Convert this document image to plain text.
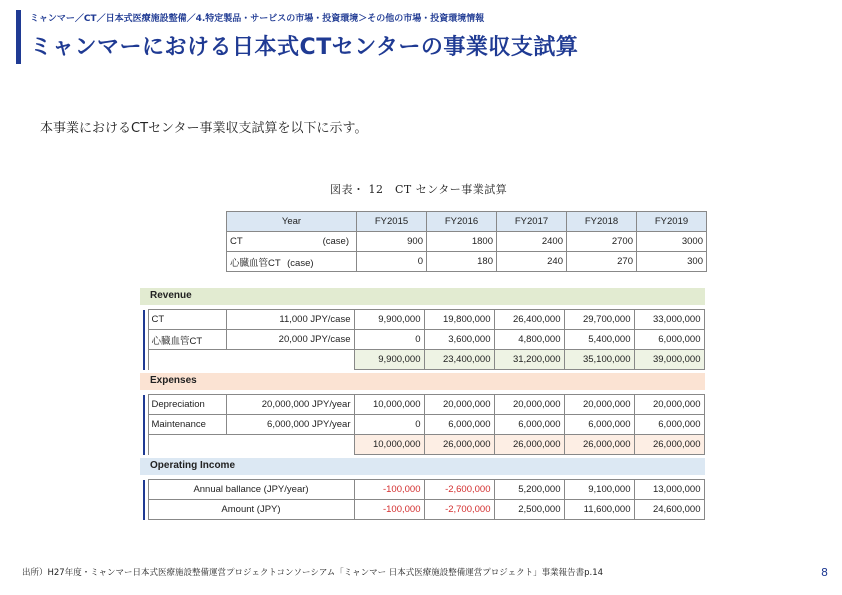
ミャンマー／CT／日本式医療施設整備／4.特定製品・サービスの市場・投資環境＞その他の市場・投資環境情報
ミャンマーにおける日本式CTセンターの事業収支試算
本事業におけるCTセンター事業収支試算を以下に示す。
図表・ 12　CT センター事業試算
Year	FY2015	FY2016	FY2017	FY2018	FY2019
CT (case)	900	1800	2400	2700	3000
心臓血管CT (case)	0	180	240	270	300
Revenue
	CT	11,000 JPY/case	9,900,000	19,800,000	26,400,000	29,700,000	33,000,000
	心臓血管CT	20,000 JPY/case	0	3,600,000	4,800,000	5,400,000	6,000,000
			9,900,000	23,400,000	31,200,000	35,100,000	39,000,000
Expenses
	Depreciation	20,000,000 JPY/year	10,000,000	20,000,000	20,000,000	20,000,000	20,000,000
	Maintenance	6,000,000 JPY/year	0	6,000,000	6,000,000	6,000,000	6,000,000
			10,000,000	26,000,000	26,000,000	26,000,000	26,000,000
Operating Income
	Annual ballance (JPY/year)	-100,000	-2,600,000	5,200,000	9,100,000	13,000,000
	Amount (JPY)	-100,000	-2,700,000	2,500,000	11,600,000	24,600,000
出所）H27年度・ミャンマー日本式医療施設整備運営プロジェクトコンソーシアム「ミャンマー 日本式医療施設整備運営プロジェクト」事業報告書p.14	8
